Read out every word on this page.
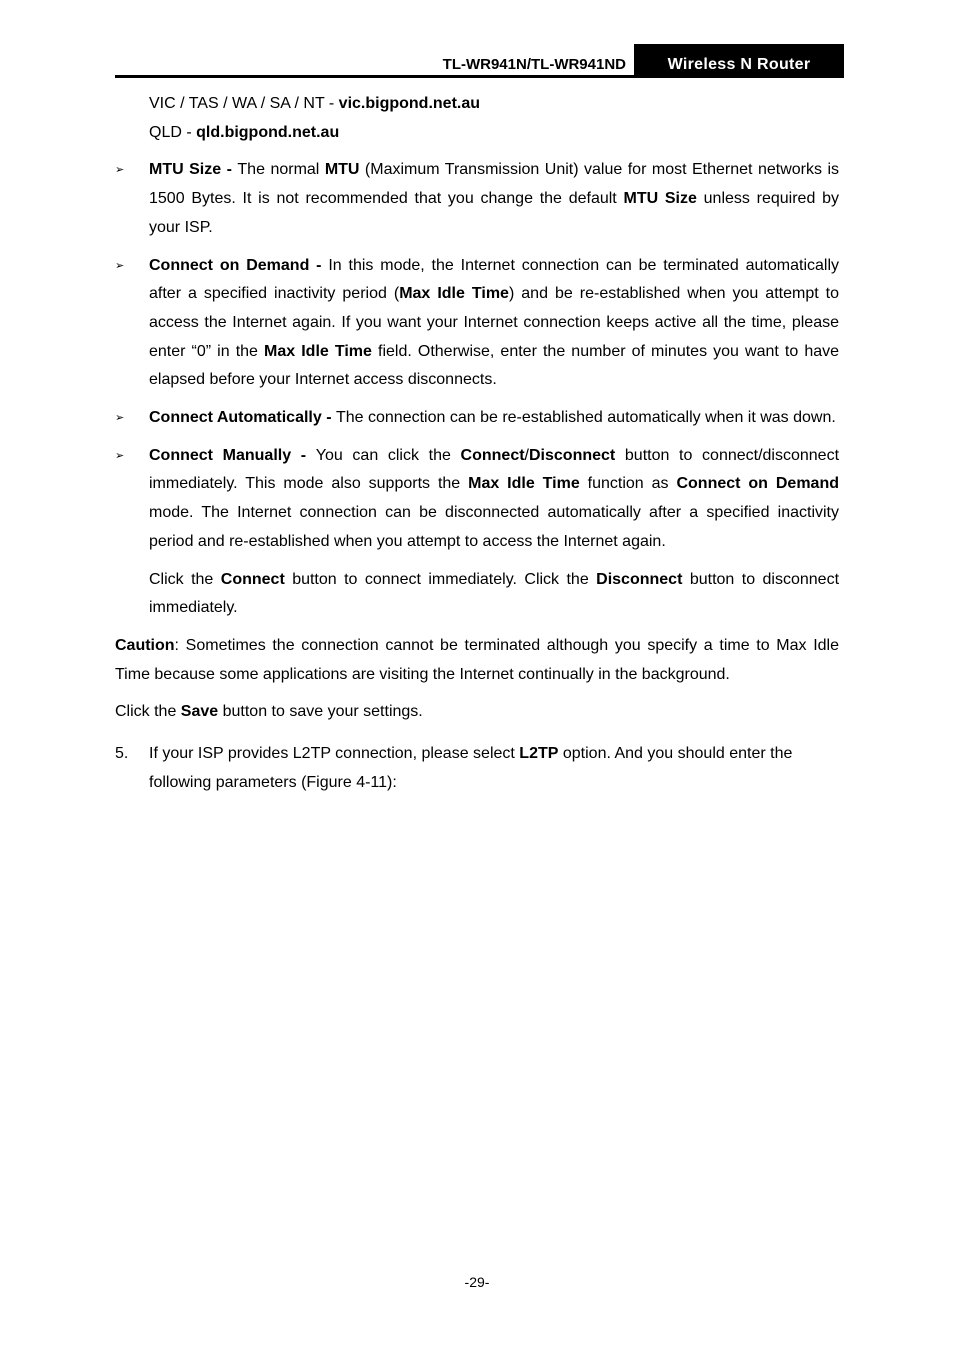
TL-WR941N/TL-WR941ND	Wireless N Router

VIC / TAS / WA / SA / NT - vic.bigpond.net.au

QLD - qld.bigpond.net.au

➢ MTU Size - The normal MTU (Maximum Transmission Unit) value for most Ethernet networks is 1500 Bytes. It is not recommended that you change the default MTU Size unless required by your ISP.

➢ Connect on Demand - In this mode, the Internet connection can be terminated automatically after a specified inactivity period (Max Idle Time) and be re-established when you attempt to access the Internet again. If you want your Internet connection keeps active all the time, please enter “0” in the Max Idle Time field. Otherwise, enter the number of minutes you want to have elapsed before your Internet access disconnects.

➢ Connect Automatically - The connection can be re-established automatically when it was down.

➢ Connect Manually - You can click the Connect/Disconnect button to connect/disconnect immediately. This mode also supports the Max Idle Time function as Connect on Demand mode. The Internet connection can be disconnected automatically after a specified inactivity period and re-established when you attempt to access the Internet again.

Click the Connect button to connect immediately. Click the Disconnect button to disconnect immediately.

Caution: Sometimes the connection cannot be terminated although you specify a time to Max Idle Time because some applications are visiting the Internet continually in the background.

Click the Save button to save your settings.

5. If your ISP provides L2TP connection, please select L2TP option. And you should enter the following parameters (Figure 4-11):

-29-
